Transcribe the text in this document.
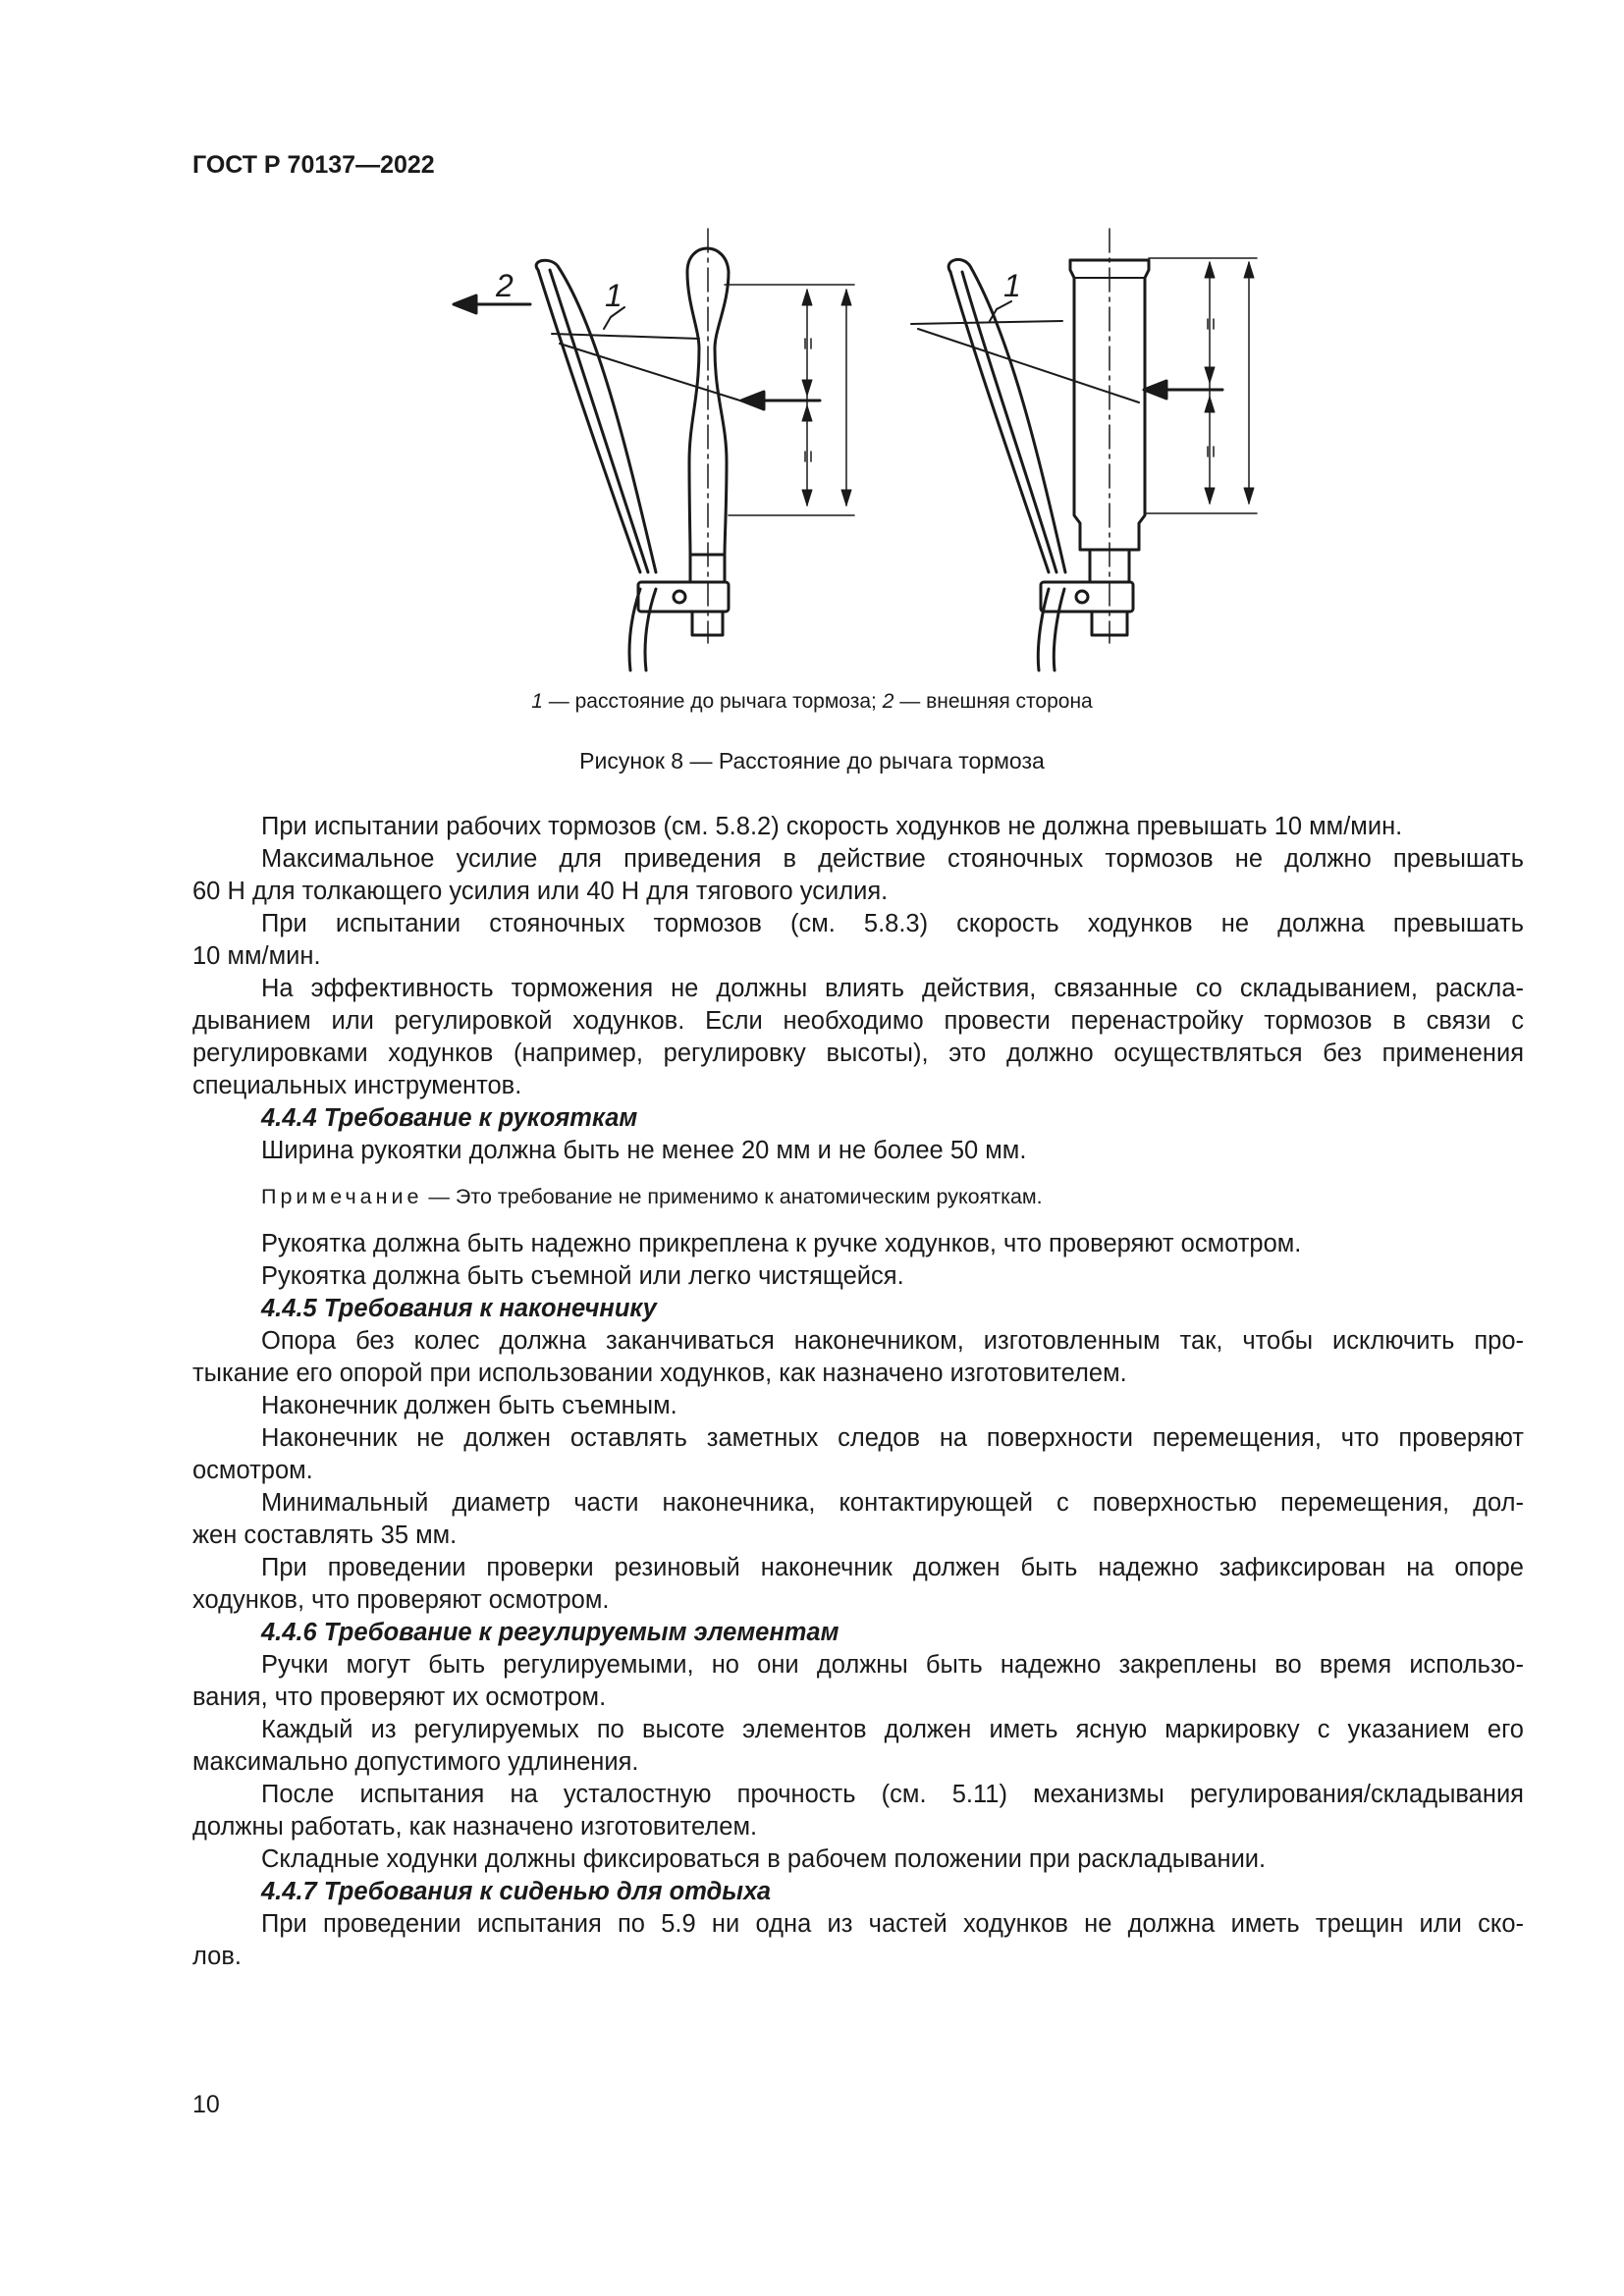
ГОСТ Р 70137—2022
2	1	1
1 — расстояние до рычага тормоза; 2 — внешняя сторона
Рисунок 8 — Расстояние до рычага тормоза
При испытании рабочих тормозов (см. 5.8.2) скорость ходунков не должна превышать 10 мм/мин.
Максимальное усилие для приведения в действие стояночных тормозов не должно превышать
60 Н для толкающего усилия или 40 Н для тягового усилия.
При испытании стояночных тормозов (см. 5.8.3) скорость ходунков не должна превышать
10 мм/мин.
На эффективность торможения не должны влиять действия, связанные со складыванием, раскла-
дыванием или регулировкой ходунков. Если необходимо провести перенастройку тормозов в связи с
регулировками ходунков (например, регулировку высоты), это должно осуществляться без применения
специальных инструментов.
4.4.4 Требование к рукояткам
Ширина рукоятки должна быть не менее 20 мм и не более 50 мм.
Примечание — Это требование не применимо к анатомическим рукояткам.
Рукоятка должна быть надежно прикреплена к ручке ходунков, что проверяют осмотром.
Рукоятка должна быть съемной или легко чистящейся.
4.4.5 Требования к наконечнику
Опора без колес должна заканчиваться наконечником, изготовленным так, чтобы исключить про-
тыкание его опорой при использовании ходунков, как назначено изготовителем.
Наконечник должен быть съемным.
Наконечник не должен оставлять заметных следов на поверхности перемещения, что проверяют
осмотром.
Минимальный диаметр части наконечника, контактирующей с поверхностью перемещения, дол-
жен составлять 35 мм.
При проведении проверки резиновый наконечник должен быть надежно зафиксирован на опоре
ходунков, что проверяют осмотром.
4.4.6 Требование к регулируемым элементам
Ручки могут быть регулируемыми, но они должны быть надежно закреплены во время использо-
вания, что проверяют их осмотром.
Каждый из регулируемых по высоте элементов должен иметь ясную маркировку с указанием его
максимально допустимого удлинения.
После испытания на усталостную прочность (см. 5.11) механизмы регулирования/складывания
должны работать, как назначено изготовителем.
Складные ходунки должны фиксироваться в рабочем положении при раскладывании.
4.4.7 Требования к сиденью для отдыха
При проведении испытания по 5.9 ни одна из частей ходунков не должна иметь трещин или ско-
лов.
10
